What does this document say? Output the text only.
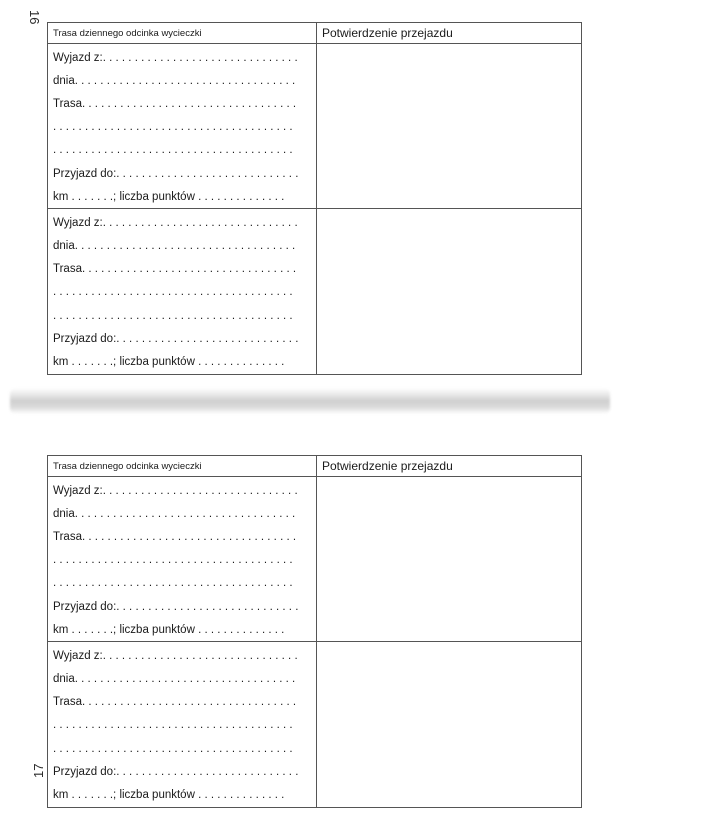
16
Trasa dziennego odcinka wycieczki	Potwierdzenie przejazdu
Wyjazd z:. . . . . . . . . . . . . . . . . . . . . . . . . . . . . . .
dnia. . . . . . . . . . . . . . . . . . . . . . . . . . . . . . . . . . .
Trasa. . . . . . . . . . . . . . . . . . . . . . . . . . . . . . . . . .
. . . . . . . . . . . . . . . . . . . . . . . . . . . . . . . . . . . . . .
. . . . . . . . . . . . . . . . . . . . . . . . . . . . . . . . . . . . . .
Przyjazd do:. . . . . . . . . . . . . . . . . . . . . . . . . . . . .
km . . . . . . .; liczba punktów . . . . . . . . . . . . . .
Wyjazd z:. . . . . . . . . . . . . . . . . . . . . . . . . . . . . . .
dnia. . . . . . . . . . . . . . . . . . . . . . . . . . . . . . . . . . .
Trasa. . . . . . . . . . . . . . . . . . . . . . . . . . . . . . . . . .
. . . . . . . . . . . . . . . . . . . . . . . . . . . . . . . . . . . . . .
. . . . . . . . . . . . . . . . . . . . . . . . . . . . . . . . . . . . . .
Przyjazd do:. . . . . . . . . . . . . . . . . . . . . . . . . . . . .
km . . . . . . .; liczba punktów . . . . . . . . . . . . . .
Trasa dziennego odcinka wycieczki	Potwierdzenie przejazdu
Wyjazd z:. . . . . . . . . . . . . . . . . . . . . . . . . . . . . . .
dnia. . . . . . . . . . . . . . . . . . . . . . . . . . . . . . . . . . .
Trasa. . . . . . . . . . . . . . . . . . . . . . . . . . . . . . . . . .
. . . . . . . . . . . . . . . . . . . . . . . . . . . . . . . . . . . . . .
. . . . . . . . . . . . . . . . . . . . . . . . . . . . . . . . . . . . . .
Przyjazd do:. . . . . . . . . . . . . . . . . . . . . . . . . . . . .
km . . . . . . .; liczba punktów . . . . . . . . . . . . . .
Wyjazd z:. . . . . . . . . . . . . . . . . . . . . . . . . . . . . . .
dnia. . . . . . . . . . . . . . . . . . . . . . . . . . . . . . . . . . .
Trasa. . . . . . . . . . . . . . . . . . . . . . . . . . . . . . . . . .
. . . . . . . . . . . . . . . . . . . . . . . . . . . . . . . . . . . . . .
. . . . . . . . . . . . . . . . . . . . . . . . . . . . . . . . . . . . . .
Przyjazd do:. . . . . . . . . . . . . . . . . . . . . . . . . . . . .
km . . . . . . .; liczba punktów . . . . . . . . . . . . . .
17
